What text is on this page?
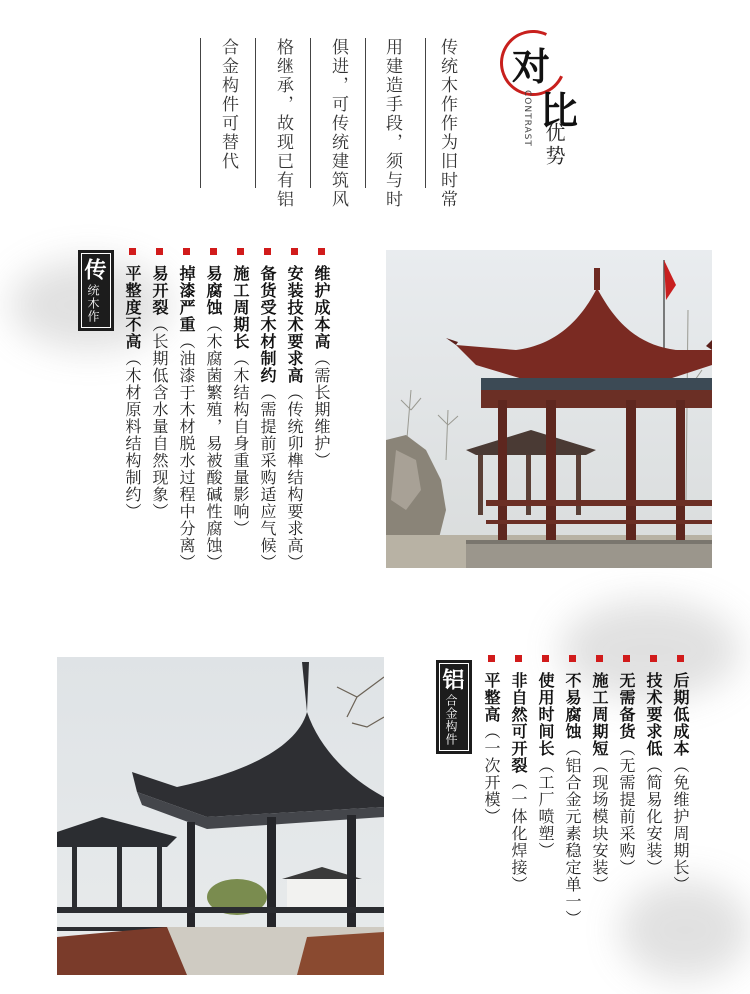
传统木作作为旧时常
用建造手段，须与时
俱进，可传统建筑风
格继承，故现已有铝
合金构件可替代	对
CONTRAST 比
优势
传统木作	维护成本高（需长期维护）
安装技术要求高（传统卯榫结构要求高）
备货受木材制约（需提前采购适应气候）
施工周期长（木结构自身重量影响）
易腐蚀（木腐菌繁殖，易被酸碱性腐蚀）
掉漆严重（油漆于木材脱水过程中分离）
易开裂（长期低含水量自然现象）
平整度不高（木材原料结构制约）
铝合金构件	后期低成本（免维护周期长）
技术要求低（简易化安装）
无需备货（无需提前采购）
施工周期短（现场模块安装）
不易腐蚀（铝合金元素稳定单一）
使用时间长（工厂喷塑）
非自然可开裂（一体化焊接）
平整高（一次开模）
